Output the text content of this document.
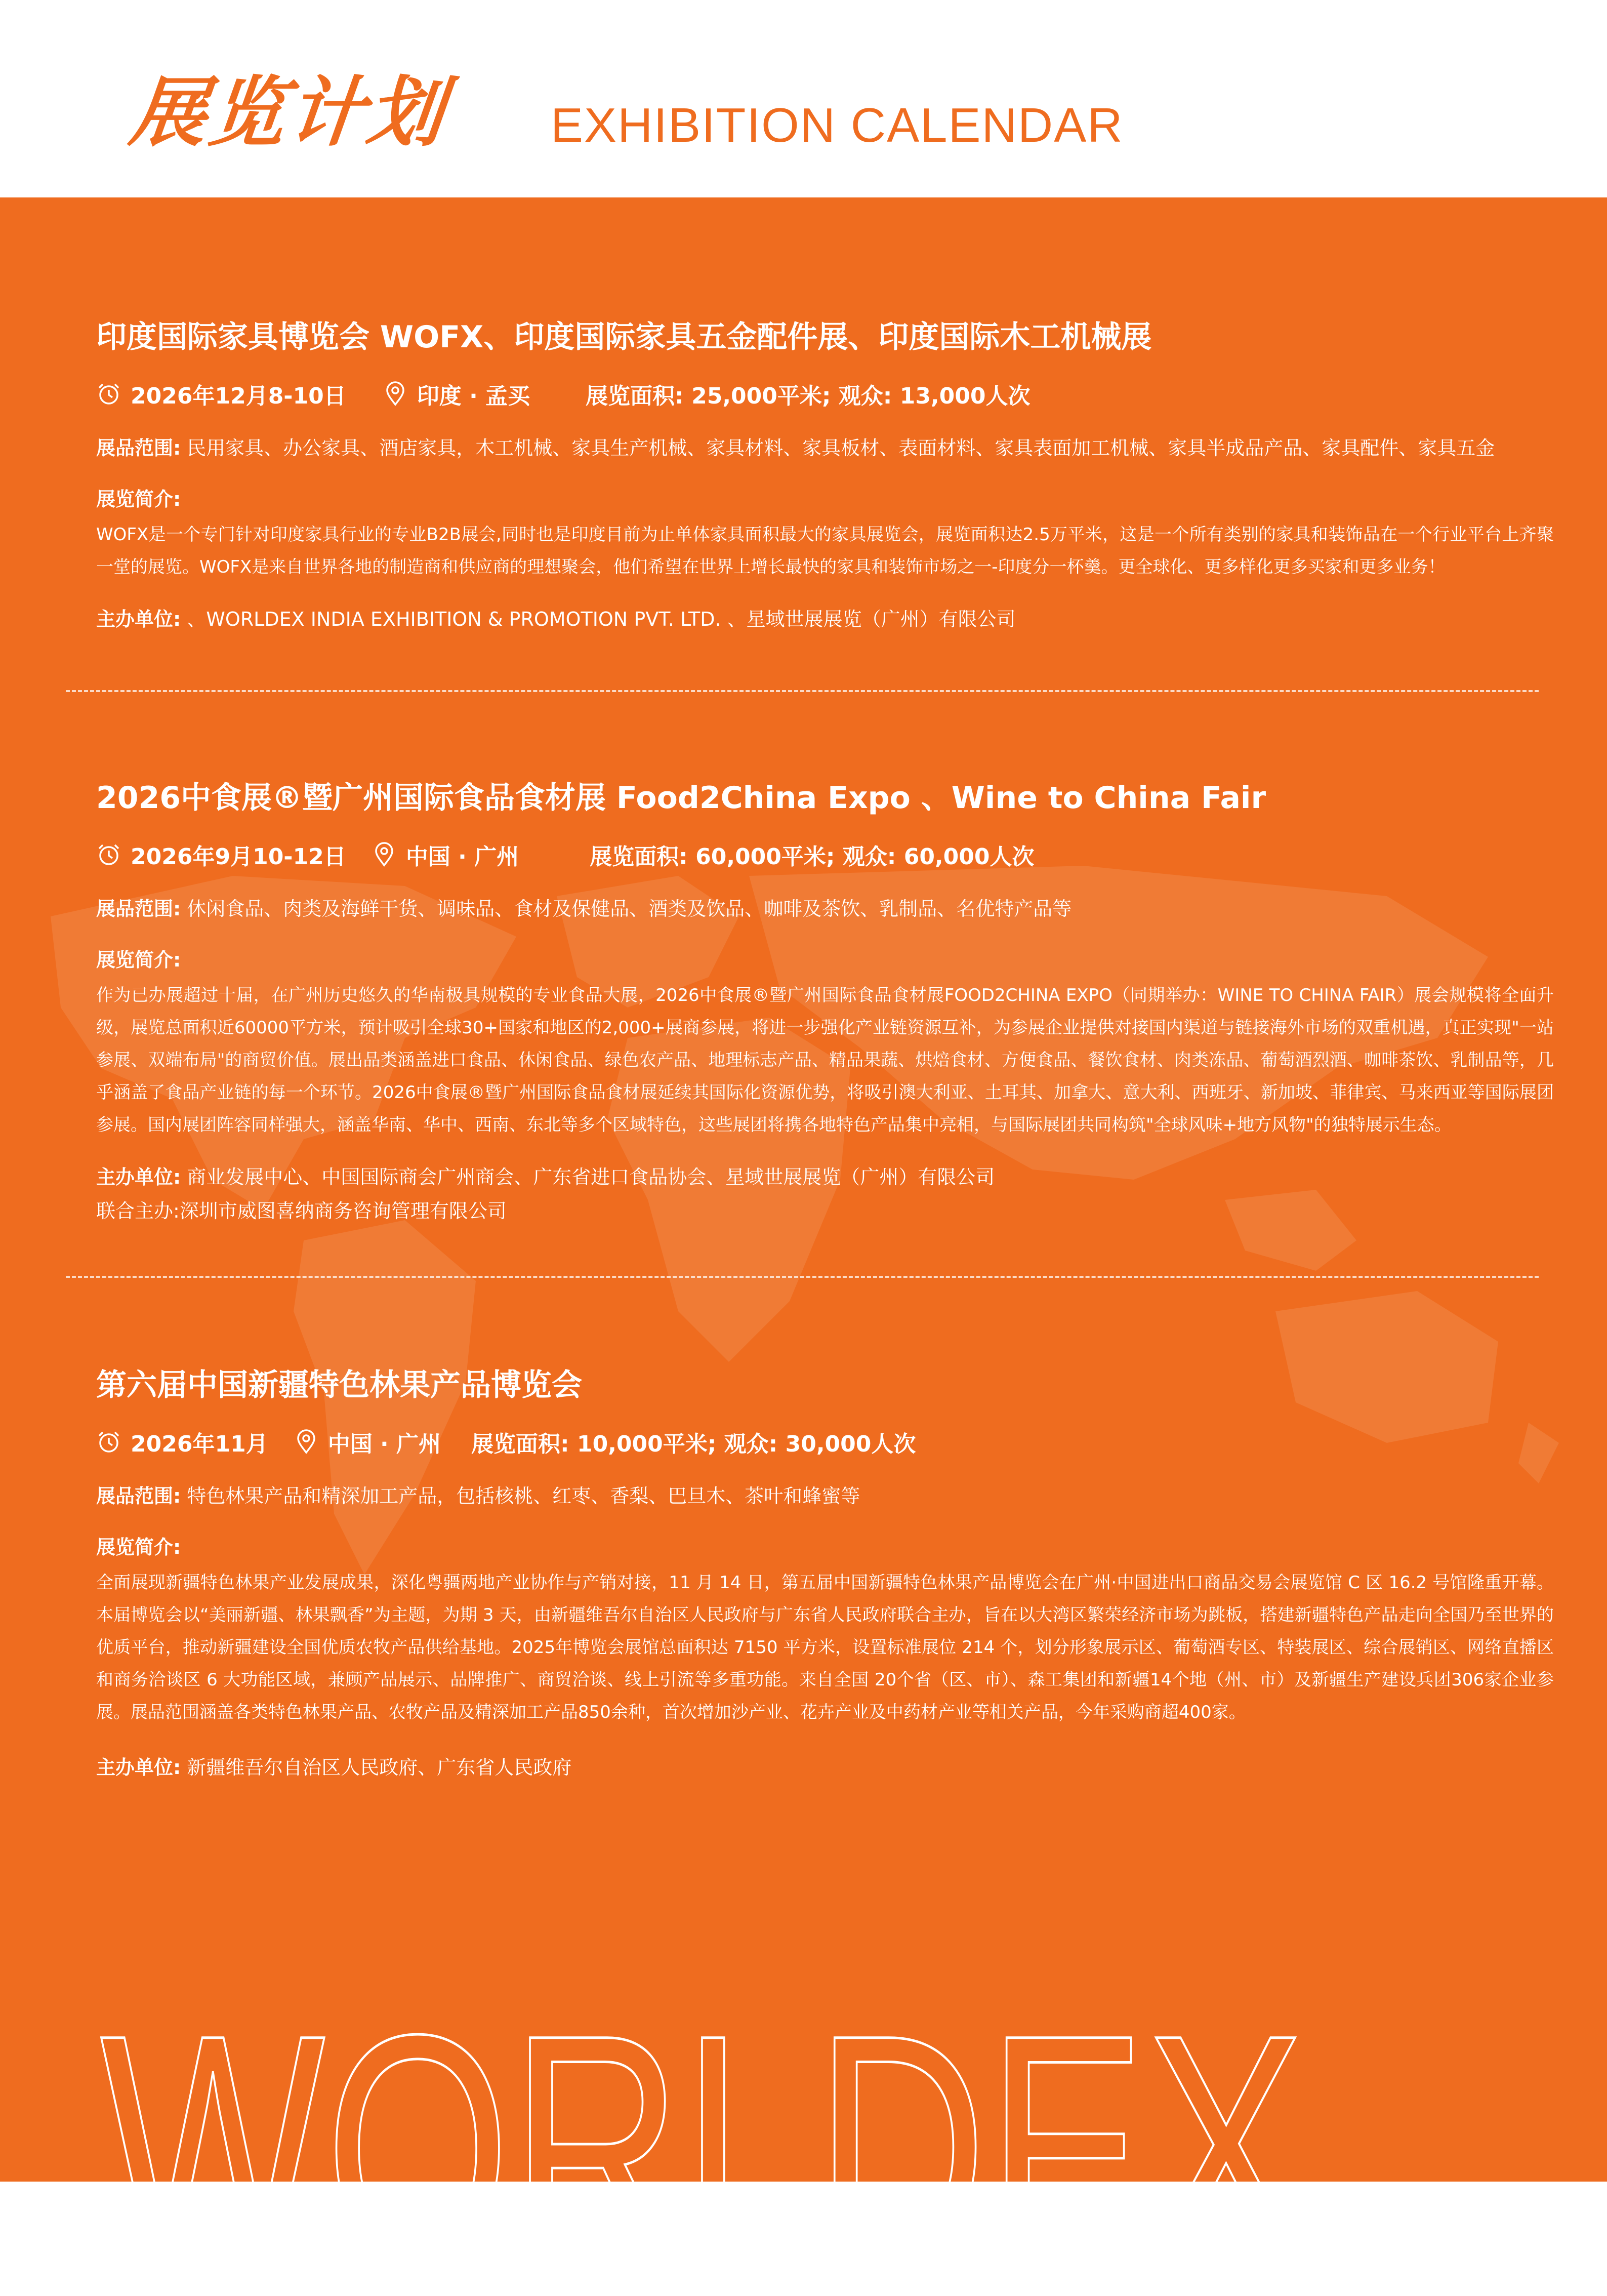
展览计划 EXHIBITION CALENDAR
印度国际家具博览会 WOFX、印度国际家具五金配件展、印度国际木工机械展
2026年12月8-10日	印度 · 孟买	展览面积: 25,000平米; 观众: 13,000人次
展品范围: 民用家具、办公家具、酒店家具，木工机械、家具生产机械、家具材料、家具板材、表面材料、家具表面加工机械、家具半成品产品、家具配件、家具五金
展览简介:
WOFX是一个专门针对印度家具行业的专业B2B展会,同时也是印度目前为止单体家具面积最大的家具展览会，展览面积达2.5万平米，这是一个所有类别的家具和装饰品在一个行业平台上齐聚一堂的展览。WOFX是来自世界各地的制造商和供应商的理想聚会，他们希望在世界上增长最快的家具和装饰市场之一-印度分一杯羹。更全球化、更多样化更多买家和更多业务！
主办单位: 、WORLDEX INDIA EXHIBITION & PROMOTION PVT. LTD. 、星域世展展览（广州）有限公司
2026中食展®暨广州国际食品食材展 Food2China Expo 、Wine to China Fair
2026年9月10-12日	中国 · 广州	展览面积: 60,000平米; 观众: 60,000人次
展品范围: 休闲食品、肉类及海鲜干货、调味品、食材及保健品、酒类及饮品、咖啡及茶饮、乳制品、名优特产品等
展览简介:
作为已办展超过十届，在广州历史悠久的华南极具规模的专业食品大展，2026中食展®暨广州国际食品食材展FOOD2CHINA EXPO（同期举办：WINE TO CHINA FAIR）展会规模将全面升级，展览总面积近60000平方米，预计吸引全球30+国家和地区的2,000+展商参展，将进一步强化产业链资源互补，为参展企业提供对接国内渠道与链接海外市场的双重机遇，真正实现"一站参展、双端布局"的商贸价值。展出品类涵盖进口食品、休闲食品、绿色农产品、地理标志产品、精品果蔬、烘焙食材、方便食品、餐饮食材、肉类冻品、葡萄酒烈酒、咖啡茶饮、乳制品等，几乎涵盖了食品产业链的每一个环节。2026中食展®暨广州国际食品食材展延续其国际化资源优势，将吸引澳大利亚、土耳其、加拿大、意大利、西班牙、新加坡、菲律宾、马来西亚等国际展团参展。国内展团阵容同样强大，涵盖华南、华中、西南、东北等多个区域特色，这些展团将携各地特色产品集中亮相，与国际展团共同构筑"全球风味+地方风物"的独特展示生态。
主办单位: 商业发展中心、中国国际商会广州商会、广东省进口食品协会、星域世展展览（广州）有限公司
联合主办:深圳市威图喜纳商务咨询管理有限公司
第六届中国新疆特色林果产品博览会
2026年11月	中国 · 广州 展览面积: 10,000平米; 观众: 30,000人次
展品范围: 特色林果产品和精深加工产品，包括核桃、红枣、香梨、巴旦木、茶叶和蜂蜜等
展览简介:
全面展现新疆特色林果产业发展成果，深化粤疆两地产业协作与产销对接，11 月 14 日，第五届中国新疆特色林果产品博览会在广州·中国进出口商品交易会展览馆 C 区 16.2 号馆隆重开幕。本届博览会以“美丽新疆、林果飘香”为主题，为期 3 天，由新疆维吾尔自治区人民政府与广东省人民政府联合主办，旨在以大湾区繁荣经济市场为跳板，搭建新疆特色产品走向全国乃至世界的优质平台，推动新疆建设全国优质农牧产品供给基地。2025年博览会展馆总面积达 7150 平方米，设置标准展位 214 个，划分形象展示区、葡萄酒专区、特装展区、综合展销区、网络直播区和商务洽谈区 6 大功能区域，兼顾产品展示、品牌推广、商贸洽谈、线上引流等多重功能。来自全国 20个省（区、市）、森工集团和新疆14个地（州、市）及新疆生产建设兵团306家企业参展。展品范围涵盖各类特色林果产品、农牧产品及精深加工产品850余种，首次增加沙产业、花卉产业及中药材产业等相关产品，今年采购商超400家。
主办单位: 新疆维吾尔自治区人民政府、广东省人民政府
WORLDEX
